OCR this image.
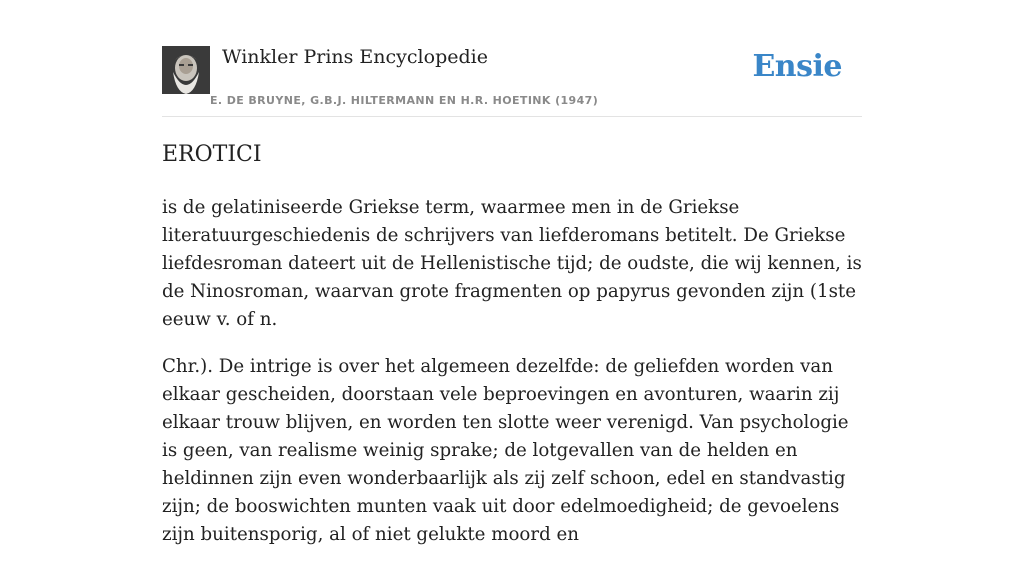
Winkler Prins Encyclopedie
E. DE BRUYNE, G.B.J. HILTERMANN EN H.R. HOETINK (1947)
Ensie
EROTICI

is de gelatiniseerde Griekse term, waarmee men in de Griekse literatuurgeschiedenis de schrijvers van liefderomans betitelt. De Griekse liefdesroman dateert uit de Hellenistische tijd; de oudste, die wij kennen, is de Ninosroman, waarvan grote fragmenten op papyrus gevonden zijn (1ste eeuw v. of n.

Chr.). De intrige is over het algemeen dezelfde: de geliefden worden van elkaar gescheiden, doorstaan vele beproevingen en avonturen, waarin zij elkaar trouw blijven, en worden ten slotte weer verenigd. Van psychologie is geen, van realisme weinig sprake; de lotgevallen van de helden en heldinnen zijn even wonderbaarlijk als zij zelf schoon, edel en standvastig zijn; de booswichten munten vaak uit door edelmoedigheid; de gevoelens zijn buitensporig, al of niet gelukte moord en
